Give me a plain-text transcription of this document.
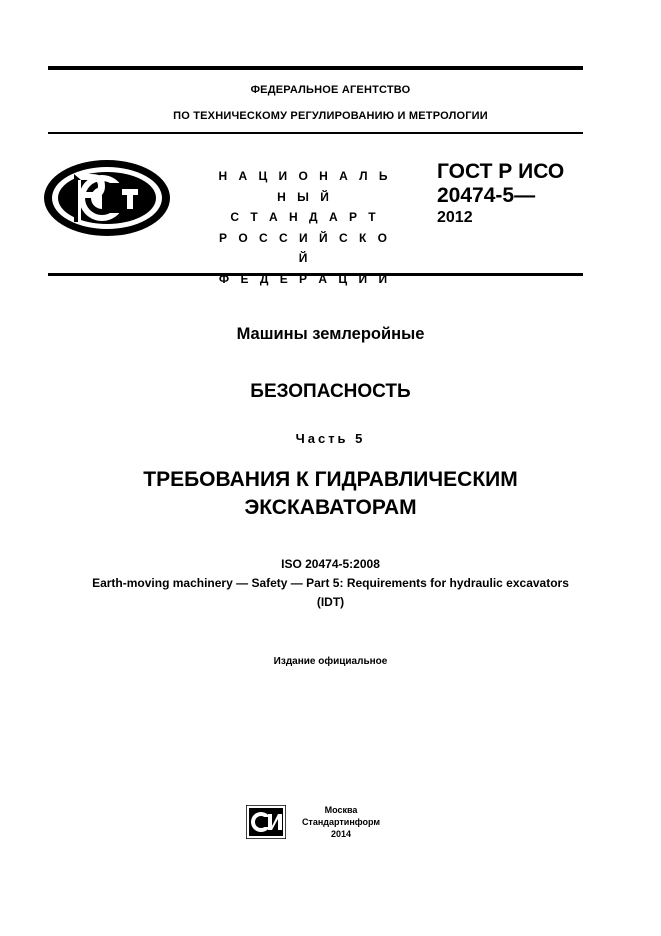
ФЕДЕРАЛЬНОЕ АГЕНТСТВО
ПО ТЕХНИЧЕСКОМУ РЕГУЛИРОВАНИЮ И МЕТРОЛОГИИ
Н А Ц И О Н А Л Ь Н Ы Й
С Т А Н Д А Р Т
Р О С С И Й С К О Й
Ф Е Д Е Р А Ц И И
ГОСТ Р ИСО
20474-5—
2012
Машины землеройные
БЕЗОПАСНОСТЬ
Часть 5
ТРЕБОВАНИЯ К ГИДРАВЛИЧЕСКИМ
ЭКСКАВАТОРАМ
ISO 20474-5:2008
Earth-moving machinery — Safety — Part 5: Requirements for hydraulic excavators
(IDT)
Издание официальное
Москва
Стандартинформ
2014
